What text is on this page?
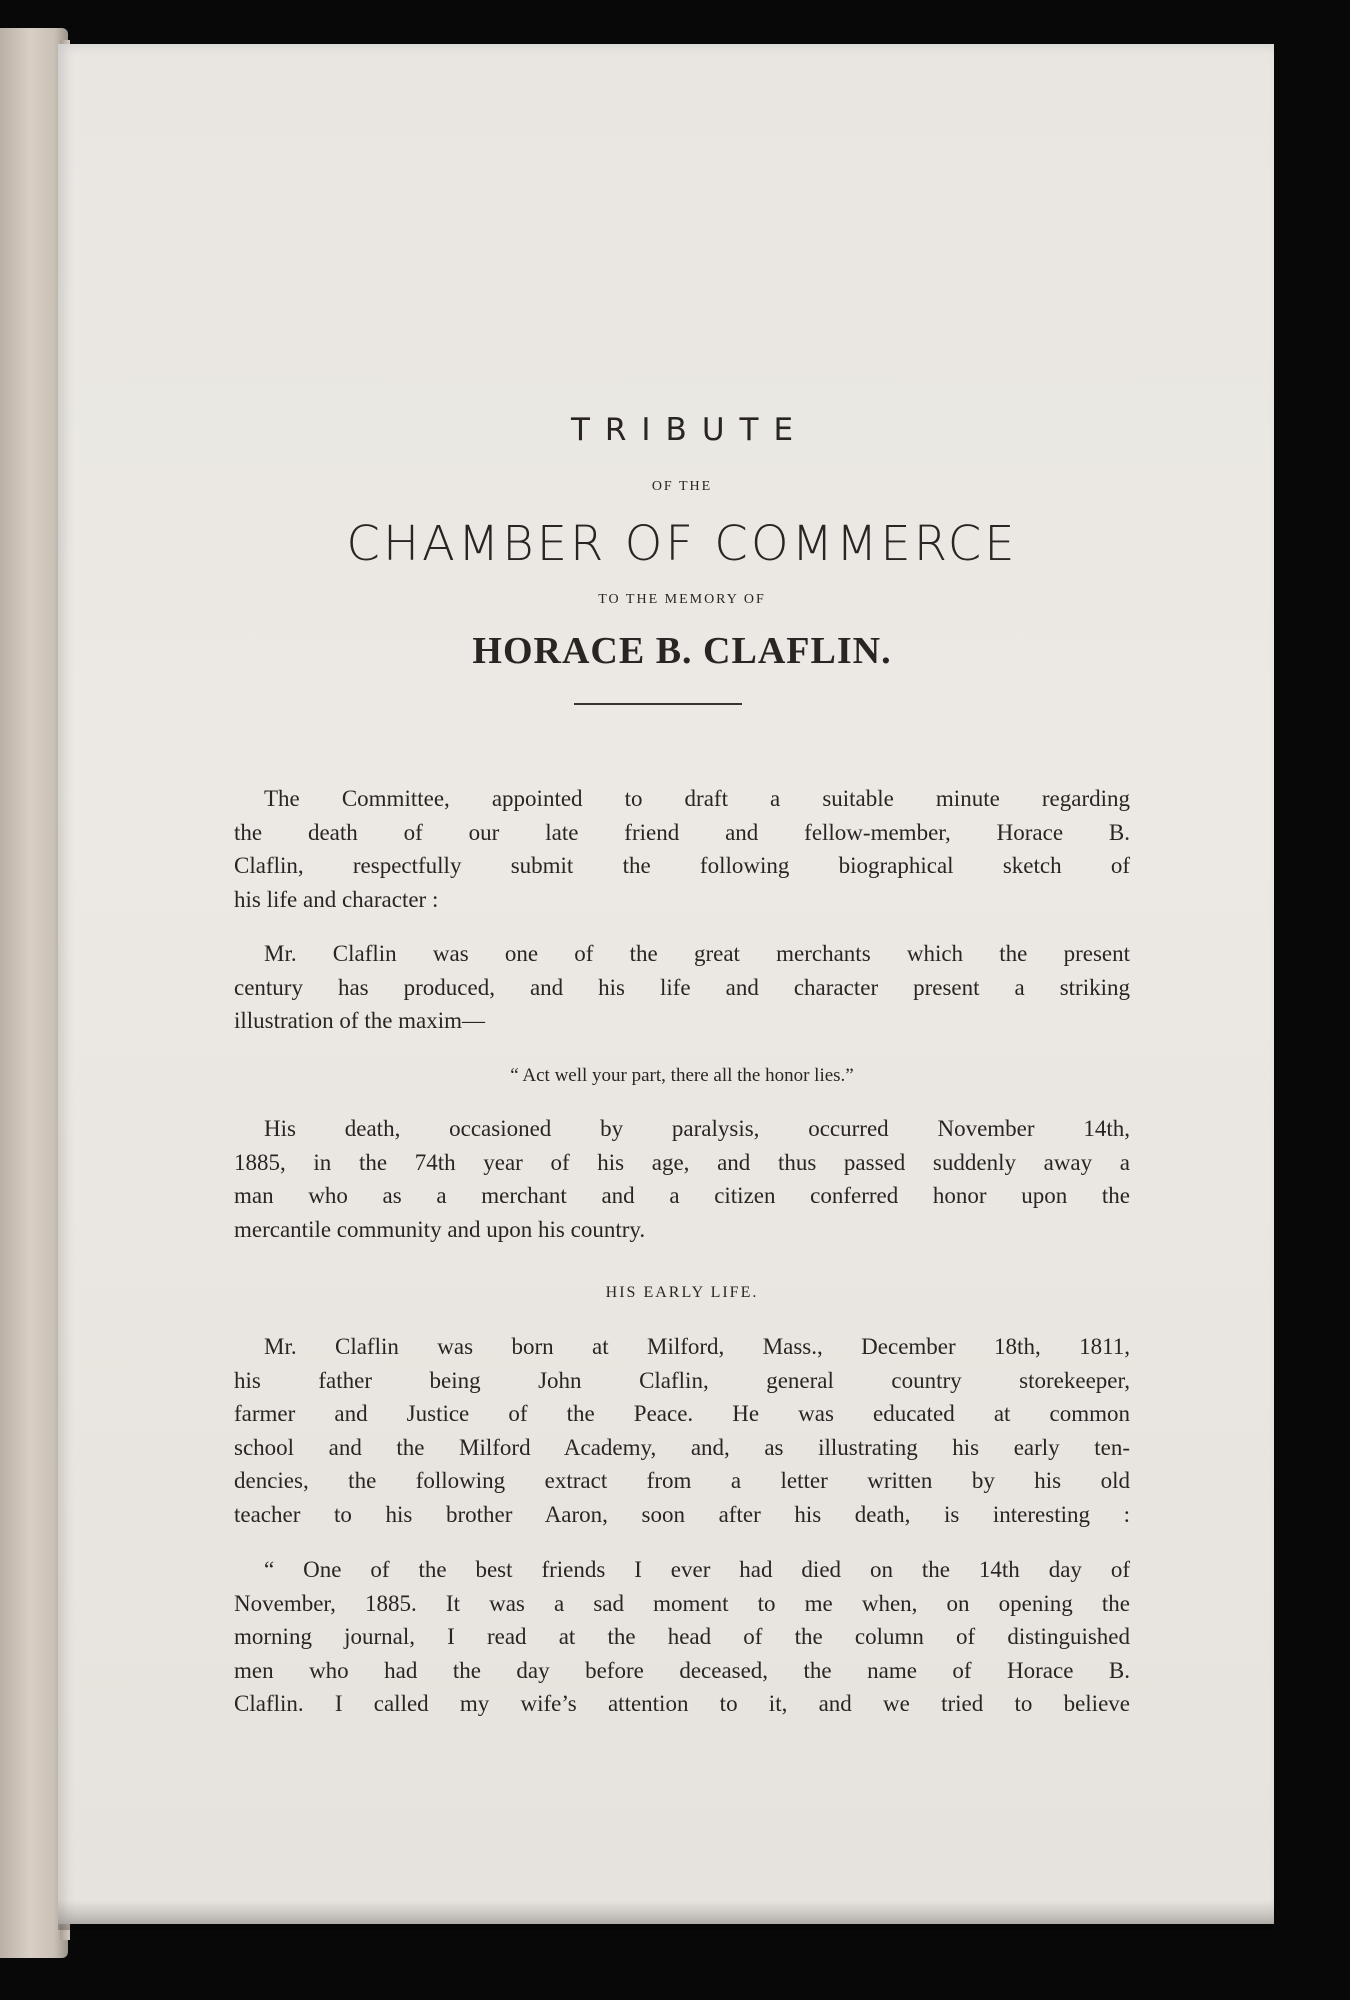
TRIBUTE
OF THE
CHAMBER OF COMMERCE
TO THE MEMORY OF
HORACE B. CLAFLIN.
The Committee, appointed to draft a suitable minute regarding
the death of our late friend and fellow-member, Horace B.
Claflin, respectfully submit the following biographical sketch of
his life and character :
Mr. Claflin was one of the great merchants which the present
century has produced, and his life and character present a striking
illustration of the maxim—
“ Act well your part, there all the honor lies.”
His death, occasioned by paralysis, occurred November 14th,
1885, in the 74th year of his age, and thus passed suddenly away a
man who as a merchant and a citizen conferred honor upon the
mercantile community and upon his country.
HIS EARLY LIFE.
Mr. Claflin was born at Milford, Mass., December 18th, 1811,
his father being John Claflin, general country storekeeper,
farmer and Justice of the Peace. He was educated at common
school and the Milford Academy, and, as illustrating his early ten-
dencies, the following extract from a letter written by his old
teacher to his brother Aaron, soon after his death, is interesting :
“ One of the best friends I ever had died on the 14th day of
November, 1885. It was a sad moment to me when, on opening the
morning journal, I read at the head of the column of distinguished
men who had the day before deceased, the name of Horace B.
Claflin. I called my wife’s attention to it, and we tried to believe
